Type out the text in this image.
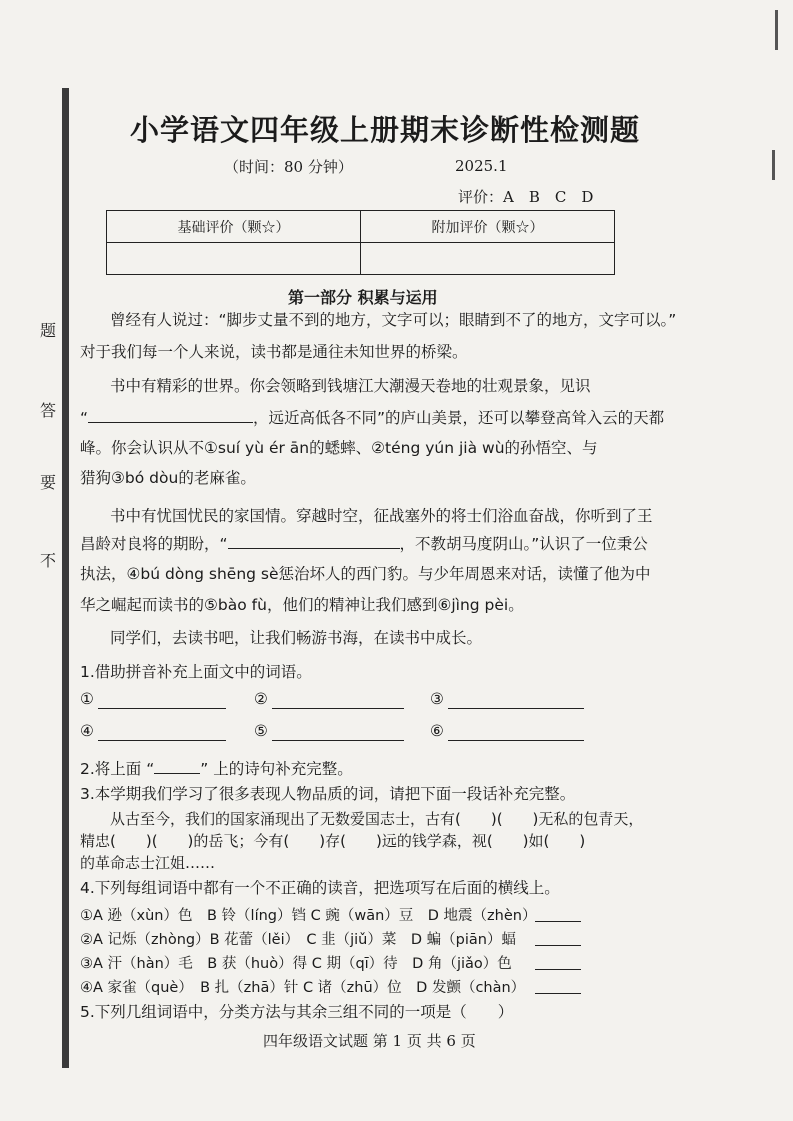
题
答
要
不
小学语文四年级上册期末诊断性检测题
（时间：80 分钟）	2025.1
评价：A　B　C　D
基础评价（颗☆）	附加评价（颗☆）

第一部分 积累与运用
曾经有人说过：“脚步丈量不到的地方，文字可以；眼睛到不了的地方，文字可以。”
对于我们每一个人来说，读书都是通往未知世界的桥梁。
书中有精彩的世界。你会领略到钱塘江大潮漫天卷地的壮观景象，见识
“	，远近高低各不同”的庐山美景，还可以攀登高耸入云的天都
峰。你会认识从不①suí yù ér ān的蟋蟀、②téng yún jià wù的孙悟空、与
猎狗③bó dòu的老麻雀。
书中有忧国忧民的家国情。穿越时空，征战塞外的将士们浴血奋战，你听到了王
昌龄对良将的期盼，“	，不教胡马度阴山。”认识了一位秉公
执法，④bú dòng shēng sè惩治坏人的西门豹。与少年周恩来对话，读懂了他为中
华之崛起而读书的⑤bào fù，他们的精神让我们感到⑥jìng pèi。
同学们，去读书吧，让我们畅游书海，在读书中成长。
1.借助拼音补充上面文中的词语。
①	②	③
④	⑤	⑥
2.将上面 “	” 上的诗句补充完整。
3.本学期我们学习了很多表现人物品质的词，请把下面一段话补充完整。
从古至今，我们的国家涌现出了无数爱国志士，古有(　　)(　　)无私的包青天，
精忠(　　)(　　)的岳飞；今有(　　)存(　　)远的钱学森，视(　　)如(　　)
的革命志士江姐……
4.下列每组词语中都有一个不正确的读音，把选项写在后面的横线上。
①A 逊（xùn）色　B 铃（líng）铛 C 豌（wān）豆　D 地震（zhèn）
②A 记烁（zhòng）B 花蕾（lěi）　C 韭（jiǔ）菜　D 蝙（piān）蝠
③A 汗（hàn）毛　B 获（huò）得 C 期（qī）待　D 角（jiǎo）色
④A 家雀（què）　B 扎（zhā）针 C 诸（zhū）位　D 发颤（chàn）
5.下列几组词语中，分类方法与其余三组不同的一项是（　　）
四年级语文试题 第 1 页 共 6 页
